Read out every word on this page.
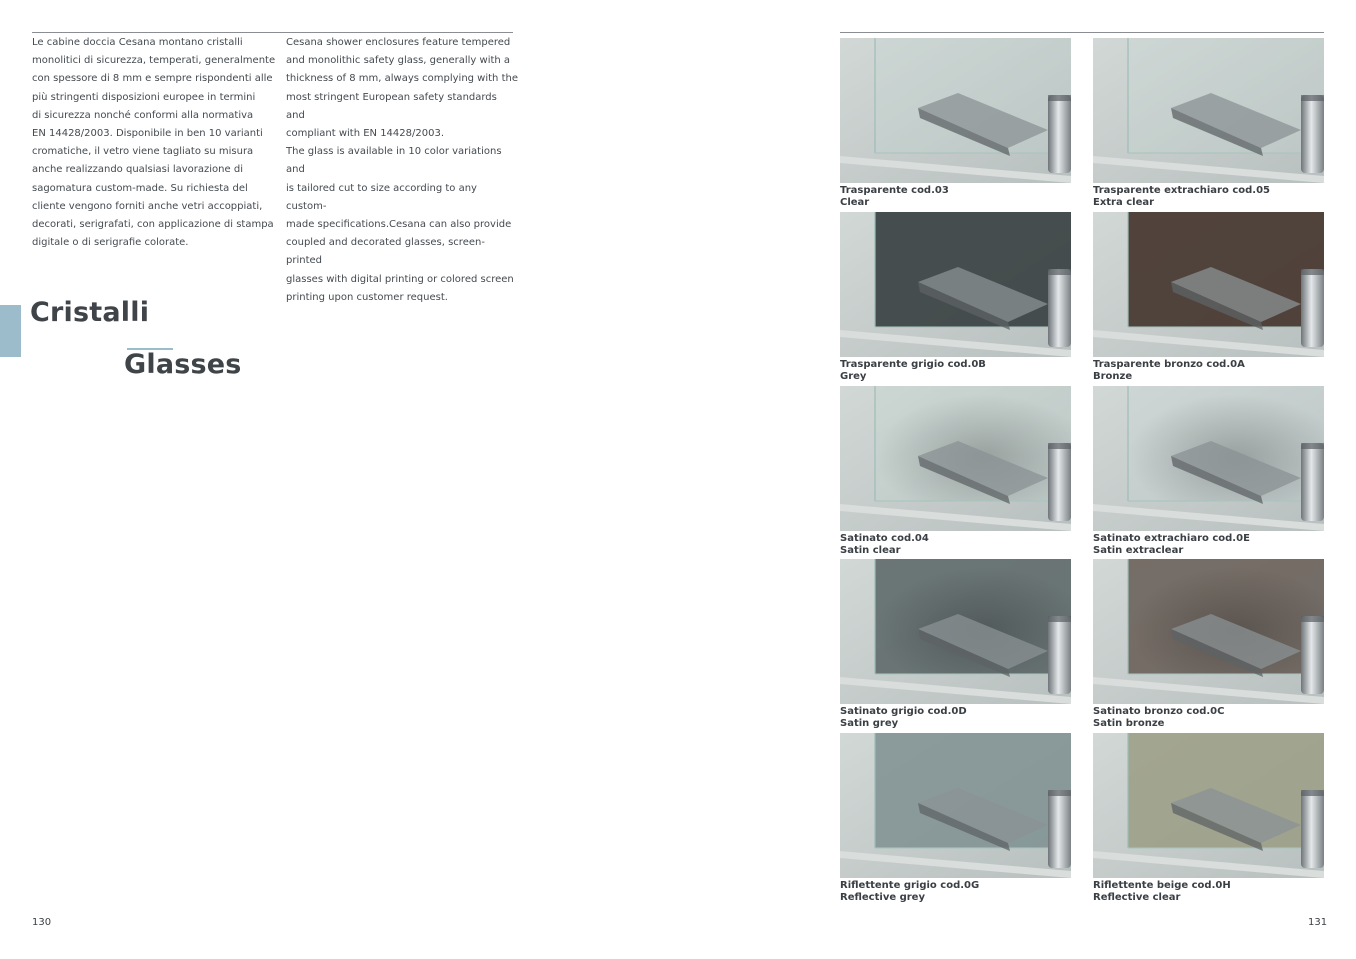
Le cabine doccia Cesana montano cristalli
monolitici di sicurezza, temperati, generalmente
con spessore di 8 mm e sempre rispondenti alle
più stringenti disposizioni europee in termini
di sicurezza nonché conformi alla normativa
EN 14428/2003. Disponibile in ben 10 varianti
cromatiche, il vetro viene tagliato su misura
anche realizzando qualsiasi lavorazione di
sagomatura custom-made. Su richiesta del
cliente vengono forniti anche vetri accoppiati,
decorati, serigrafati, con applicazione di stampa
digitale o di serigrafie colorate.

Cesana shower enclosures feature tempered
and monolithic safety glass, generally with a
thickness of 8 mm, always complying with the
most stringent European safety standards and
compliant with EN 14428/2003.
The glass is available in 10 color variations and
is tailored cut to size according to any custom-
made specifications.Cesana can also provide
coupled and decorated glasses, screen-printed
glasses with digital printing or colored screen
printing upon customer request.

Cristalli
Glasses
130
Trasparente cod.03
Clear
Trasparente extrachiaro cod.05
Extra clear
Trasparente grigio cod.0B
Grey
Trasparente bronzo cod.0A
Bronze
Satinato cod.04
Satin clear
Satinato extrachiaro cod.0E
Satin extraclear
Satinato grigio cod.0D
Satin grey
Satinato bronzo cod.0C
Satin bronze
Riflettente grigio cod.0G
Reflective grey
Riflettente beige cod.0H
Reflective clear
131
